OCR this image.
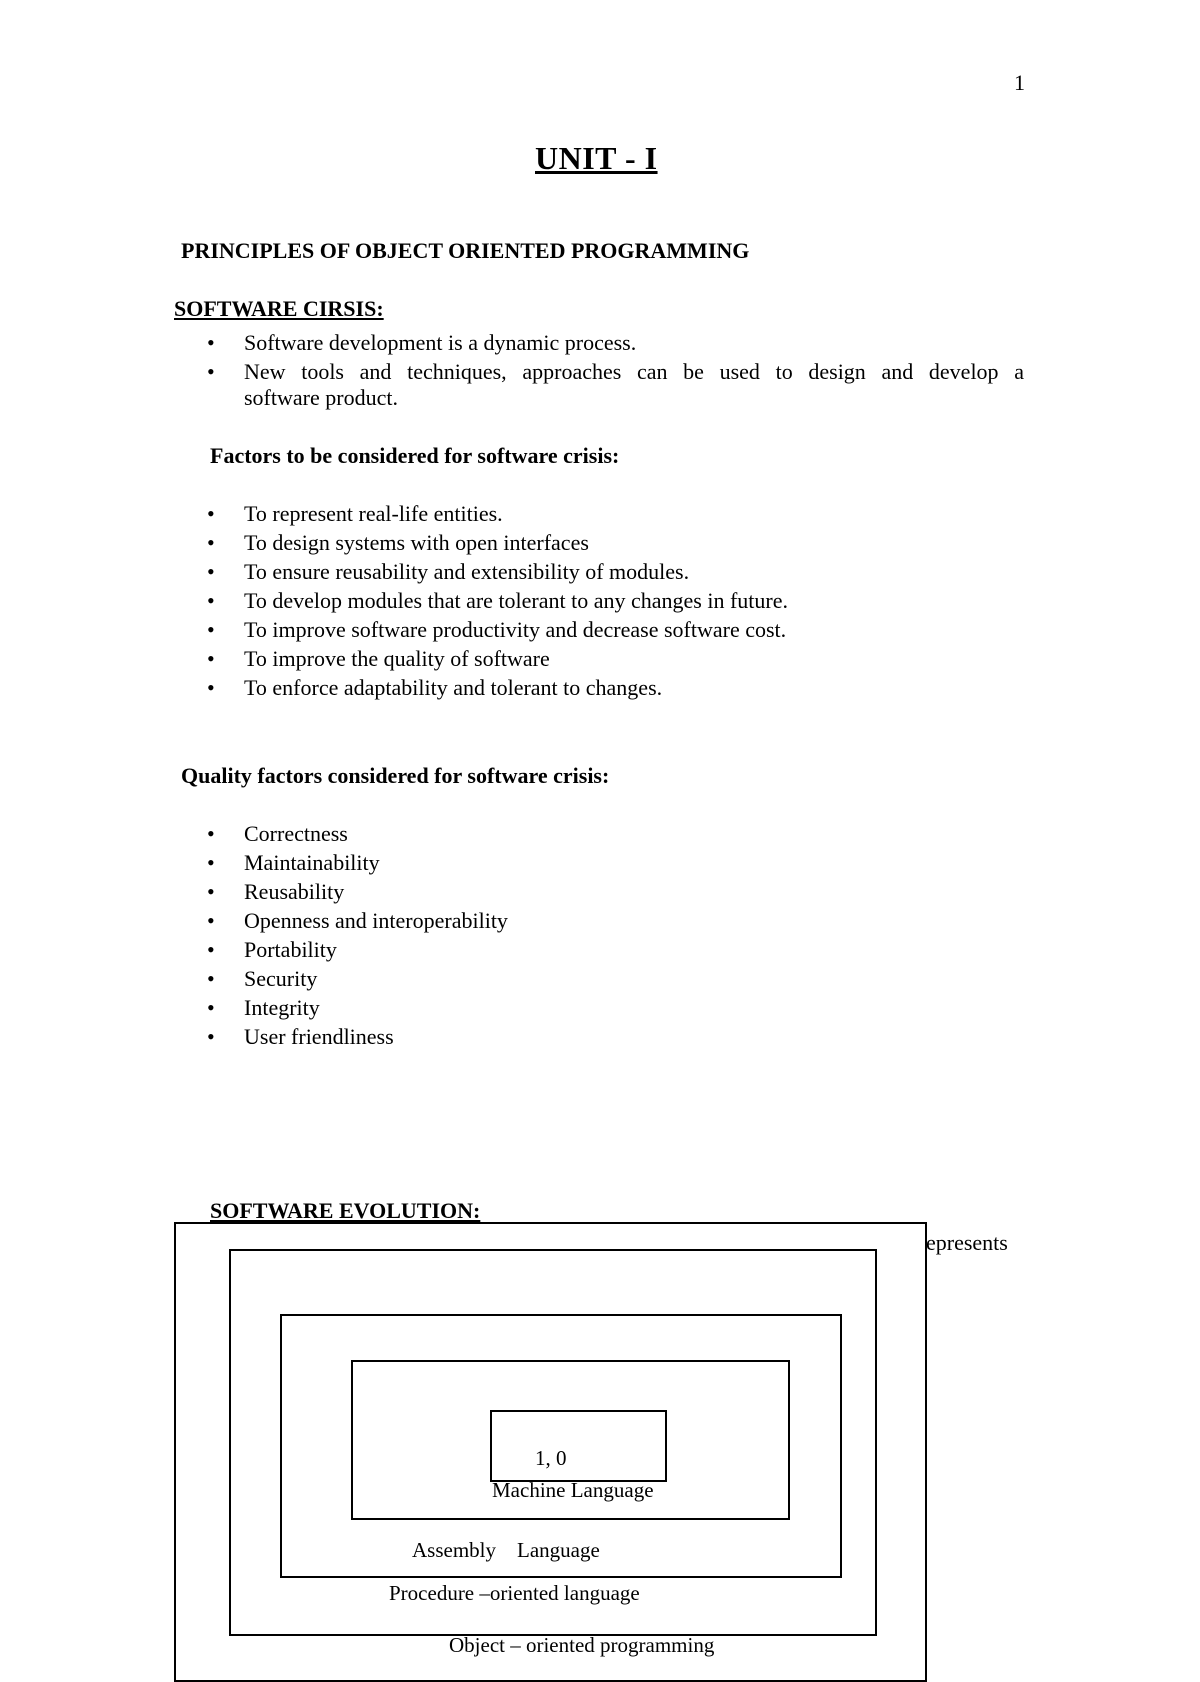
1
UNIT - I
PRINCIPLES OF OBJECT ORIENTED PROGRAMMING
SOFTWARE CIRSIS:
• Software development is a dynamic process.
• New tools and techniques, approaches can be used to design and develop a
software product.
Factors to be considered for software crisis:
• To represent real-life entities.
• To design systems with open interfaces
• To ensure reusability and extensibility of modules.
• To develop modules that are tolerant to any changes in future.
• To improve software productivity and decrease software cost.
• To improve the quality of software
• To enforce adaptability and tolerant to changes.
Quality factors considered for software crisis:
• Correctness
• Maintainability
• Reusability
• Openness and interoperability
• Portability
• Security
• Integrity
• User friendliness
SOFTWARE EVOLUTION:
epresents
1, 0
Machine Language
Assembly    Language
Procedure –oriented language
Object – oriented programming
